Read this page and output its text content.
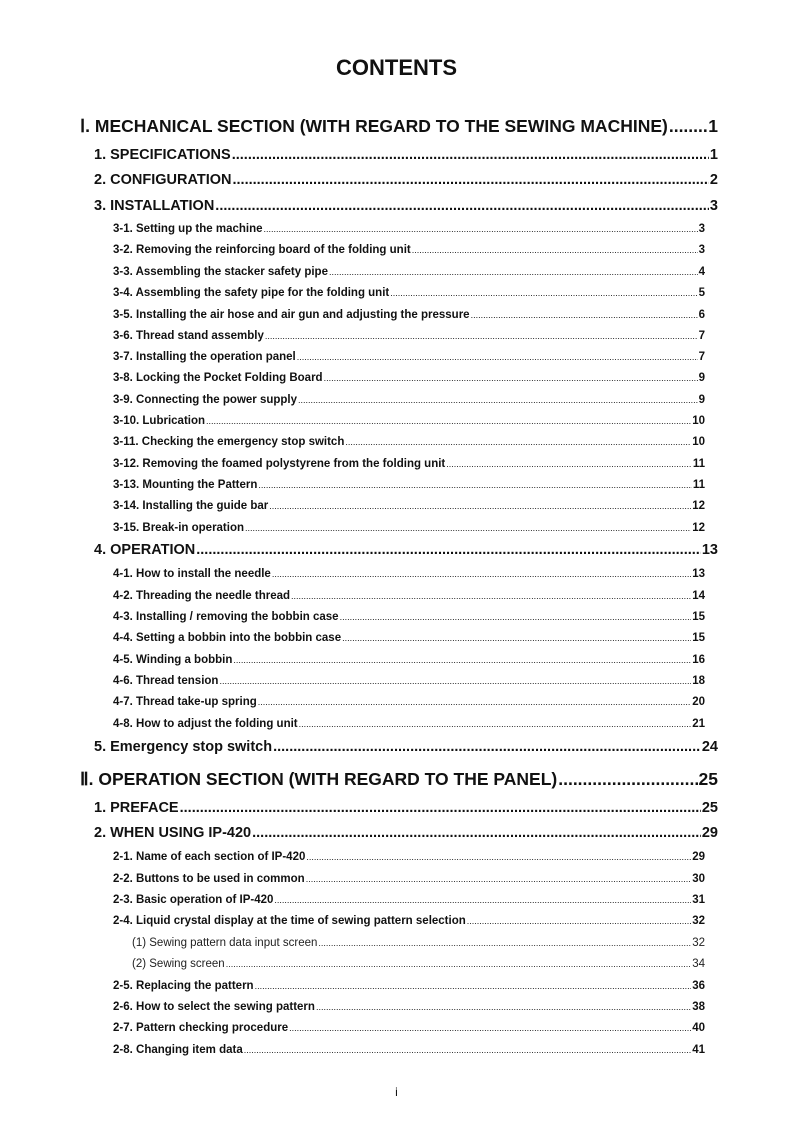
CONTENTS
Ⅰ. MECHANICAL SECTION (WITH REGARD TO THE SEWING MACHINE) ..... 1
1. SPECIFICATIONS .....	1
2. CONFIGURATION .....	2
3. INSTALLATION .....	3
3-1. Setting up the machine .....	3
3-2. Removing the reinforcing board of the folding unit .....	3
3-3. Assembling the stacker safety pipe .....	4
3-4. Assembling the safety pipe for the folding unit .....	5
3-5. Installing the air hose and air gun and adjusting the pressure .....	6
3-6. Thread stand assembly .....	7
3-7. Installing the operation panel .....	7
3-8. Locking the Pocket Folding Board .....	9
3-9. Connecting the power supply .....	9
3-10. Lubrication .....	10
3-11. Checking the emergency stop switch .....	10
3-12. Removing the foamed polystyrene from the folding unit .....	11
3-13. Mounting the Pattern .....	11
3-14. Installing the guide bar .....	12
3-15. Break-in operation .....	12
4. OPERATION .....	13
4-1. How to install the needle .....	13
4-2. Threading the needle thread .....	14
4-3. Installing / removing the bobbin case .....	15
4-4. Setting a bobbin into the bobbin case .....	15
4-5. Winding a bobbin .....	16
4-6. Thread tension .....	18
4-7. Thread take-up spring .....	20
4-8. How to adjust the folding unit .....	21
5. Emergency stop switch .....	24
Ⅱ. OPERATION SECTION (WITH REGARD TO THE PANEL) .....	25
1. PREFACE .....	25
2. WHEN USING IP-420 .....	29
2-1. Name of each section of IP-420 .....	29
2-2. Buttons to be used in common .....	30
2-3. Basic operation of IP-420 .....	31
2-4. Liquid crystal display at the time of sewing pattern selection .....	32
(1) Sewing pattern data input screen .....	32
(2) Sewing screen .....	34
2-5. Replacing the pattern .....	36
2-6. How to select the sewing pattern .....	38
2-7. Pattern checking procedure .....	40
2-8. Changing item data .....	41
i
